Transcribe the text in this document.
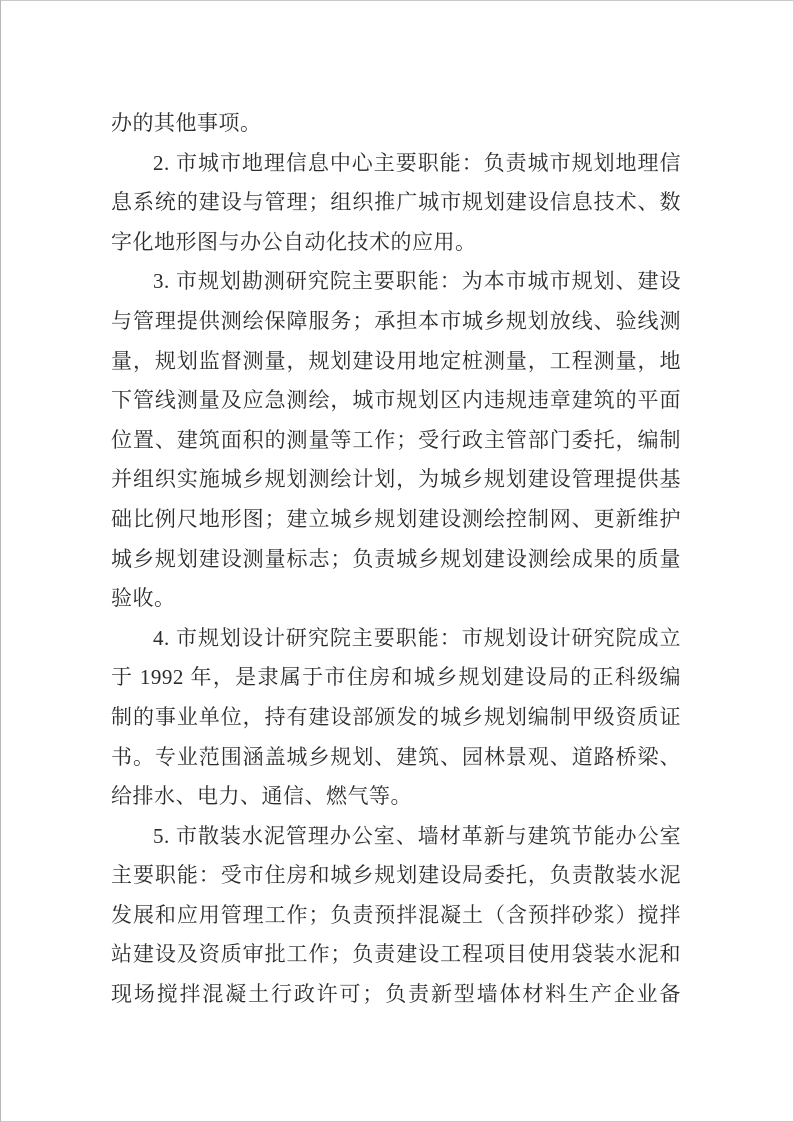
办的其他事项。
2. 市城市地理信息中心主要职能：负责城市规划地理信
息系统的建设与管理；组织推广城市规划建设信息技术、数
字化地形图与办公自动化技术的应用。
3. 市规划勘测研究院主要职能：为本市城市规划、建设
与管理提供测绘保障服务；承担本市城乡规划放线、验线测
量，规划监督测量，规划建设用地定桩测量，工程测量，地
下管线测量及应急测绘，城市规划区内违规违章建筑的平面
位置、建筑面积的测量等工作；受行政主管部门委托，编制
并组织实施城乡规划测绘计划，为城乡规划建设管理提供基
础比例尺地形图；建立城乡规划建设测绘控制网、更新维护
城乡规划建设测量标志；负责城乡规划建设测绘成果的质量
验收。
4. 市规划设计研究院主要职能：市规划设计研究院成立
于 1992 年，是隶属于市住房和城乡规划建设局的正科级编
制的事业单位，持有建设部颁发的城乡规划编制甲级资质证
书。专业范围涵盖城乡规划、建筑、园林景观、道路桥梁、
给排水、电力、通信、燃气等。
5. 市散装水泥管理办公室、墙材革新与建筑节能办公室
主要职能：受市住房和城乡规划建设局委托，负责散装水泥
发展和应用管理工作；负责预拌混凝土（含预拌砂浆）搅拌
站建设及资质审批工作；负责建设工程项目使用袋装水泥和
现场搅拌混凝土行政许可；负责新型墙体材料生产企业备
